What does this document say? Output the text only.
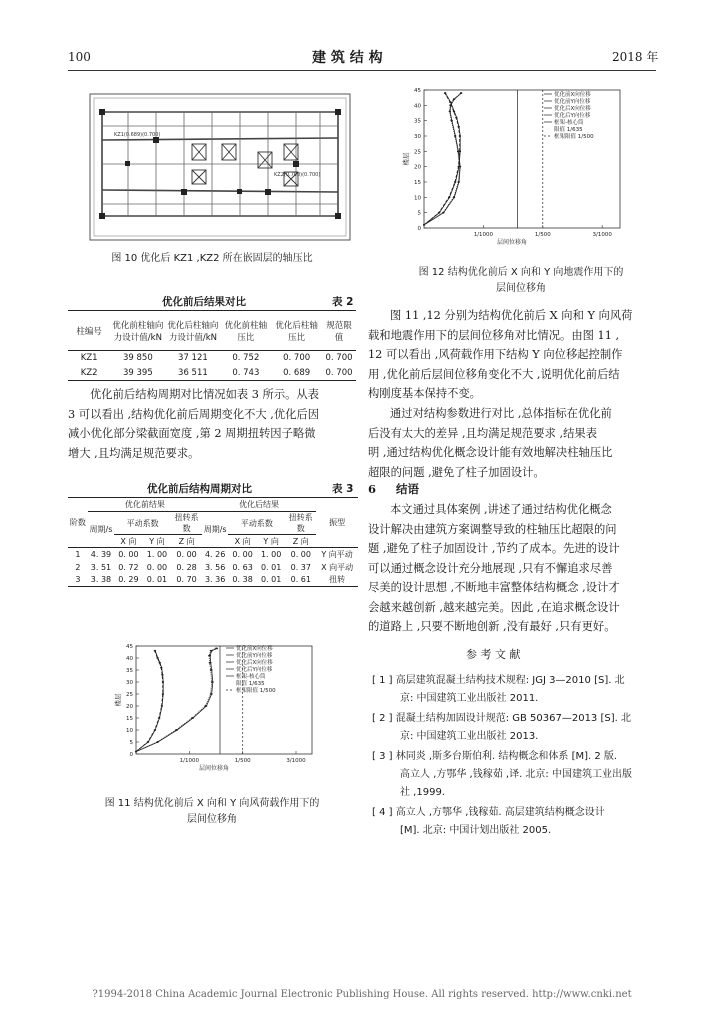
100	建 筑 结 构	2018 年
KZ1(0.689)(0.700)
KZ2(0.700)(0.700)
图 10 优化后 KZ1 ,KZ2 所在嵌固层的轴压比
优化前后结果对比	表 2
柱编号	优化前柱轴向力设计值/kN	优化后柱轴向力设计值/kN	优化前柱轴压比	优化后柱轴压比	规范限值
KZ1	39 850	37 121	0. 752	0. 700	0. 700
KZ2	39 395	36 511	0. 743	0. 689	0. 700
优化前后结构周期对比情况如表 3 所示。从表
3 可以看出 ,结构优化前后周期变化不大 ,优化后因
减小优化部分梁截面宽度 ,第 2 周期扭转因子略微
增大 ,且均满足规范要求。
优化前后结构周期对比	表 3
阶数	优化前结果				优化后结果				振型
	周期/s	平动系数		扭转系数	周期/s	平动系数		扭转系数	
		X 向	Y 向	Z 向		X 向	Y 向	Z 向	
1	4. 39	0. 00	1. 00	0. 00	4. 26	0. 00	1. 00	0. 00	Y 向平动
2	3. 51	0. 72	0. 00	0. 28	3. 56	0. 63	0. 01	0. 37	X 向平动
3	3. 38	0. 29	0. 01	0. 70	3. 36	0. 38	0. 01	0. 61	扭转
0
5
10
15
20
25
30
35
40
45
1/1000	1/500	3/1000
层间位移角
楼层
优化前X向位移
优化前Y向位移
优化后X向位移
优化后Y向位移
框架-核心筒
限值 1/635
框架限值 1/500
图 11 结构优化前后 X 向和 Y 向风荷载作用下的
层间位移角
0
5
10
15
20
25
30
35
40
45
1/1000	1/500	3/1000
层间位移角
楼层
优化前X向位移
优化前Y向位移
优化后X向位移
优化后Y向位移
框架-核心筒
限值 1/635
框架限值 1/500
图 12 结构优化前后 X 向和 Y 向地震作用下的
层间位移角
图 11 ,12 分别为结构优化前后 X 向和 Y 向风荷
载和地震作用下的层间位移角对比情况。由图 11 ,
12 可以看出 ,风荷载作用下结构 Y 向位移起控制作
用 ,优化前后层间位移角变化不大 ,说明优化前后结
构刚度基本保持不变。
通过对结构参数进行对比 ,总体指标在优化前
后没有太大的差异 ,且均满足规范要求 ,结果表
明 ,通过结构优化概念设计能有效地解决柱轴压比
超限的问题 ,避免了柱子加固设计。
6 结语
本文通过具体案例 ,讲述了通过结构优化概念
设计解决由建筑方案调整导致的柱轴压比超限的问
题 ,避免了柱子加固设计 ,节约了成本。先进的设计
可以通过概念设计充分地展现 ,只有不懈追求尽善
尽美的设计思想 ,不断地丰富整体结构概念 ,设计才
会越来越创新 ,越来越完美。因此 ,在追求概念设计
的道路上 ,只要不断地创新 ,没有最好 ,只有更好。
参 考 文 献
[ 1 ] 高层建筑混凝土结构技术规程: JGJ 3—2010 [S]. 北
京: 中国建筑工业出版社 2011.
[ 2 ] 混凝土结构加固设计规范: GB 50367—2013 [S]. 北
京: 中国建筑工业出版社 2013.
[ 3 ] 林同炎 ,斯多台斯伯利. 结构概念和体系 [M]. 2 版.
高立人 ,方鄂华 ,钱稼茹 ,译. 北京: 中国建筑工业出版
社 ,1999.
[ 4 ] 高立人 ,方鄂华 ,钱稼茹. 高层建筑结构概念设计
[M]. 北京: 中国计划出版社 2005.
?1994-2018 China Academic Journal Electronic Publishing House. All rights reserved. http://www.cnki.net
